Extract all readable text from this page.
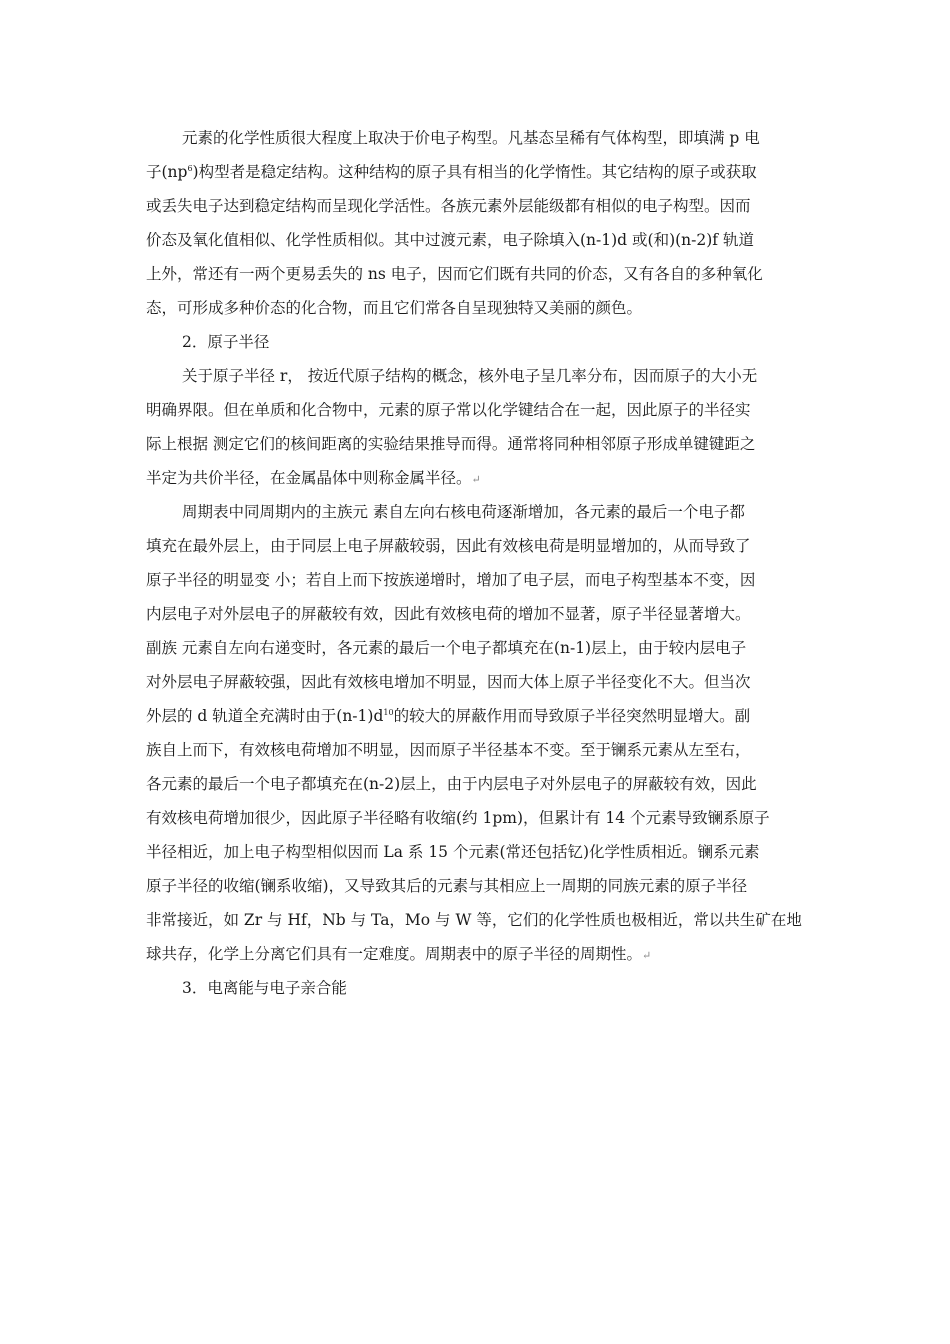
元素的化学性质很大程度上取决于价电子构型。凡基态呈稀有气体构型，即填满 p 电
子$(np^6)$构型者是稳定结构。这种结构的原子具有相当的化学惰性。其它结构的原子或获取
或丢失电子达到稳定结构而呈现化学活性。各族元素外层能级都有相似的电子构型。因而
价态及氧化值相似、化学性质相似。其中过渡元素，电子除填入(n-1)d 或(和)(n-2)f 轨道
上外，常还有一两个更易丢失的 ns 电子，因而它们既有共同的价态，又有各自的多种氧化
态，可形成多种价态的化合物，而且它们常各自呈现独特又美丽的颜色。
2．原子半径
关于原子半径 r， 按近代原子结构的概念，核外电子呈几率分布，因而原子的大小无
明确界限。但在单质和化合物中，元素的原子常以化学键结合在一起，因此原子的半径实
际上根据 测定它们的核间距离的实验结果推导而得。通常将同种相邻原子形成单键键距之
半定为共价半径，在金属晶体中则称金属半径。↵
周期表中同周期内的主族元 素自左向右核电荷逐渐增加，各元素的最后一个电子都
填充在最外层上，由于同层上电子屏蔽较弱，因此有效核电荷是明显增加的，从而导致了
原子半径的明显变 小；若自上而下按族递增时，增加了电子层，而电子构型基本不变，因
内层电子对外层电子的屏蔽较有效，因此有效核电荷的增加不显著，原子半径显著增大。
副族 元素自左向右递变时，各元素的最后一个电子都填充在(n-1)层上，由于较内层电子
对外层电子屏蔽较强，因此有效核电增加不明显，因而大体上原子半径变化不大。但当次
外层的 d 轨道全充满时由于$(n-1)d^{10}$的较大的屏蔽作用而导致原子半径突然明显增大。副
族自上而下，有效核电荷增加不明显，因而原子半径基本不变。至于镧系元素从左至右，
各元素的最后一个电子都填充在(n-2)层上，由于内层电子对外层电子的屏蔽较有效，因此
有效核电荷增加很少，因此原子半径略有收缩(约 1pm)，但累计有 14 个元素导致镧系原子
半径相近，加上电子构型相似因而 La 系 15 个元素(常还包括钇)化学性质相近。镧系元素
原子半径的收缩(镧系收缩)，又导致其后的元素与其相应上一周期的同族元素的原子半径
非常接近，如 Zr 与 Hf，Nb 与 Ta，Mo 与 W 等，它们的化学性质也极相近，常以共生矿在地
球共存，化学上分离它们具有一定难度。周期表中的原子半径的周期性。↵
3．电离能与电子亲合能
